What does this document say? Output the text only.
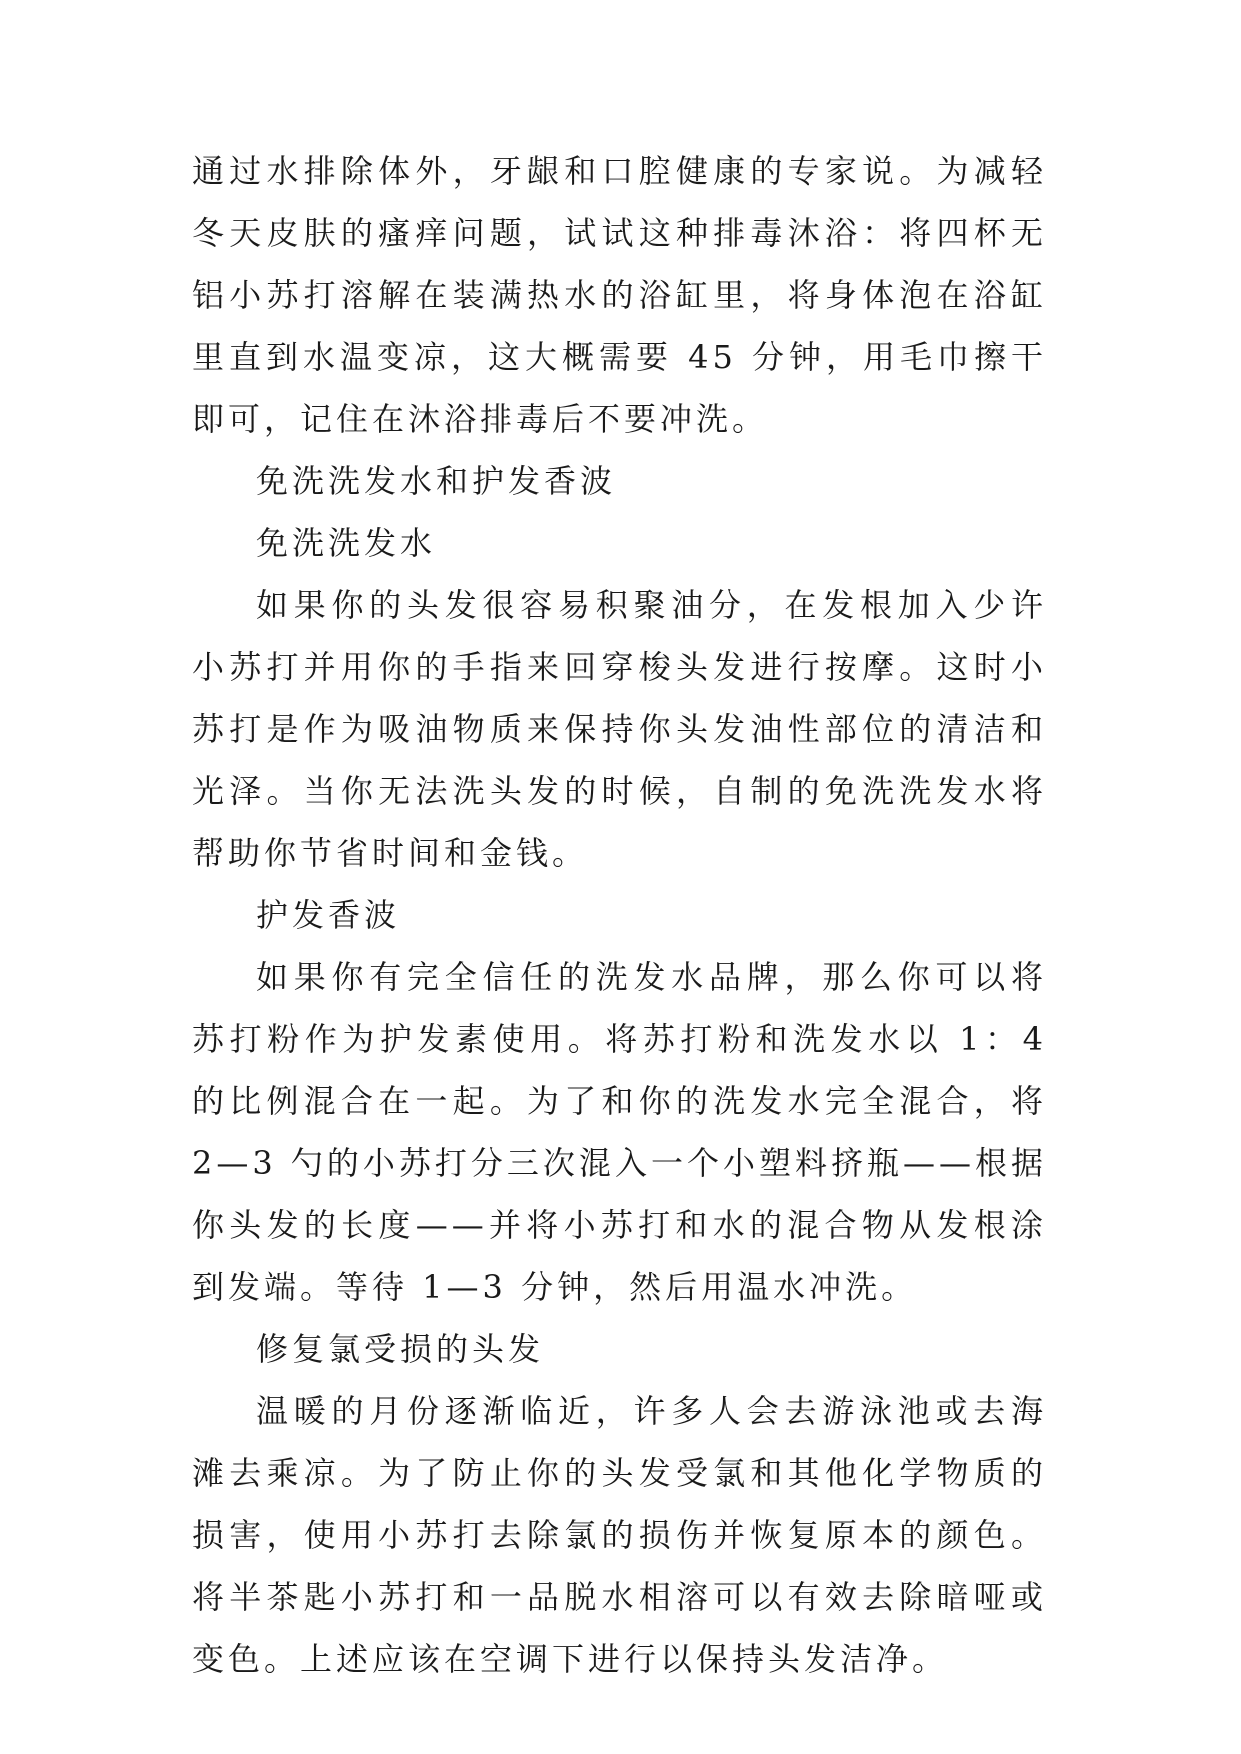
通过水排除体外，牙龈和口腔健康的专家说。为减轻冬天皮肤的瘙痒问题，试试这种排毒沐浴：将四杯无铝小苏打溶解在装满热水的浴缸里，将身体泡在浴缸里直到水温变凉，这大概需要 45 分钟，用毛巾擦干即可，记住在沐浴排毒后不要冲洗。

免洗洗发水和护发香波

免洗洗发水

如果你的头发很容易积聚油分，在发根加入少许小苏打并用你的手指来回穿梭头发进行按摩。这时小苏打是作为吸油物质来保持你头发油性部位的清洁和光泽。当你无法洗头发的时候，自制的免洗洗发水将帮助你节省时间和金钱。

护发香波

如果你有完全信任的洗发水品牌，那么你可以将苏打粉作为护发素使用。将苏打粉和洗发水以 1：4 的比例混合在一起。为了和你的洗发水完全混合，将 2—3 勺的小苏打分三次混入一个小塑料挤瓶——根据你头发的长度——并将小苏打和水的混合物从发根涂到发端。等待 1—3 分钟，然后用温水冲洗。

修复氯受损的头发

温暖的月份逐渐临近，许多人会去游泳池或去海滩去乘凉。为了防止你的头发受氯和其他化学物质的损害，使用小苏打去除氯的损伤并恢复原本的颜色。将半茶匙小苏打和一品脱水相溶可以有效去除暗哑或变色。上述应该在空调下进行以保持头发洁净。
